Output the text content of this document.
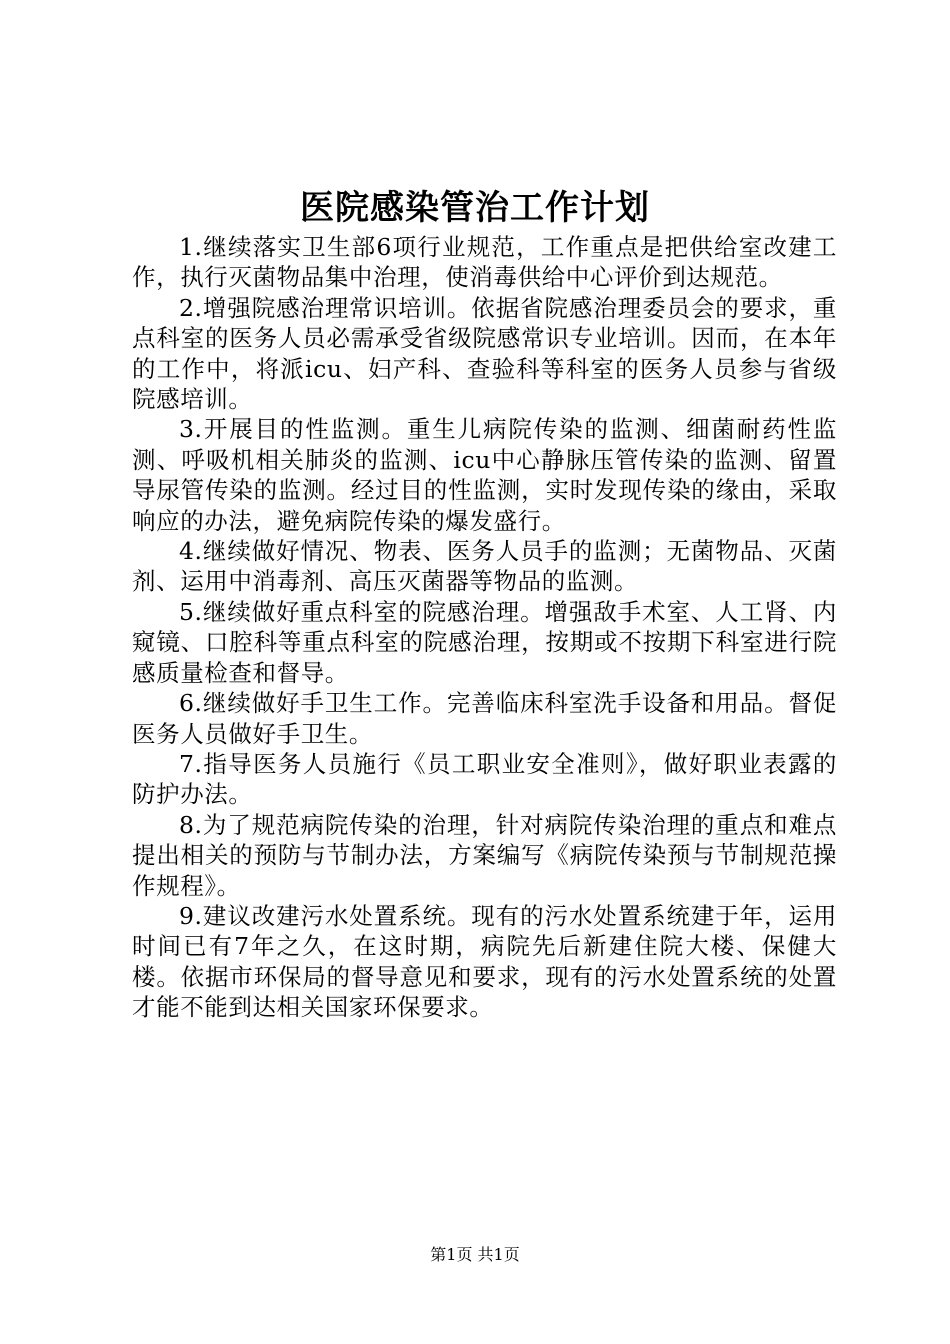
医院感染管治工作计划

1.继续落实卫生部6项行业规范，工作重点是把供给室改建工作，执行灭菌物品集中治理，使消毒供给中心评价到达规范。

2.增强院感治理常识培训。依据省院感治理委员会的要求，重点科室的医务人员必需承受省级院感常识专业培训。因而，在本年的工作中，将派icu、妇产科、查验科等科室的医务人员参与省级院感培训。

3.开展目的性监测。重生儿病院传染的监测、细菌耐药性监测、呼吸机相关肺炎的监测、icu中心静脉压管传染的监测、留置导尿管传染的监测。经过目的性监测，实时发现传染的缘由，采取响应的办法，避免病院传染的爆发盛行。

4.继续做好情况、物表、医务人员手的监测；无菌物品、灭菌剂、运用中消毒剂、高压灭菌器等物品的监测。

5.继续做好重点科室的院感治理。增强敌手术室、人工肾、内窥镜、口腔科等重点科室的院感治理，按期或不按期下科室进行院感质量检查和督导。

6.继续做好手卫生工作。完善临床科室洗手设备和用品。督促医务人员做好手卫生。

7.指导医务人员施行《员工职业安全准则》，做好职业表露的防护办法。

8.为了规范病院传染的治理，针对病院传染治理的重点和难点提出相关的预防与节制办法，方案编写《病院传染预与节制规范操作规程》。

9.建议改建污水处置系统。现有的污水处置系统建于年，运用时间已有7年之久，在这时期，病院先后新建住院大楼、保健大楼。依据市环保局的督导意见和要求，现有的污水处置系统的处置才能不能到达相关国家环保要求。

第1页 共1页
